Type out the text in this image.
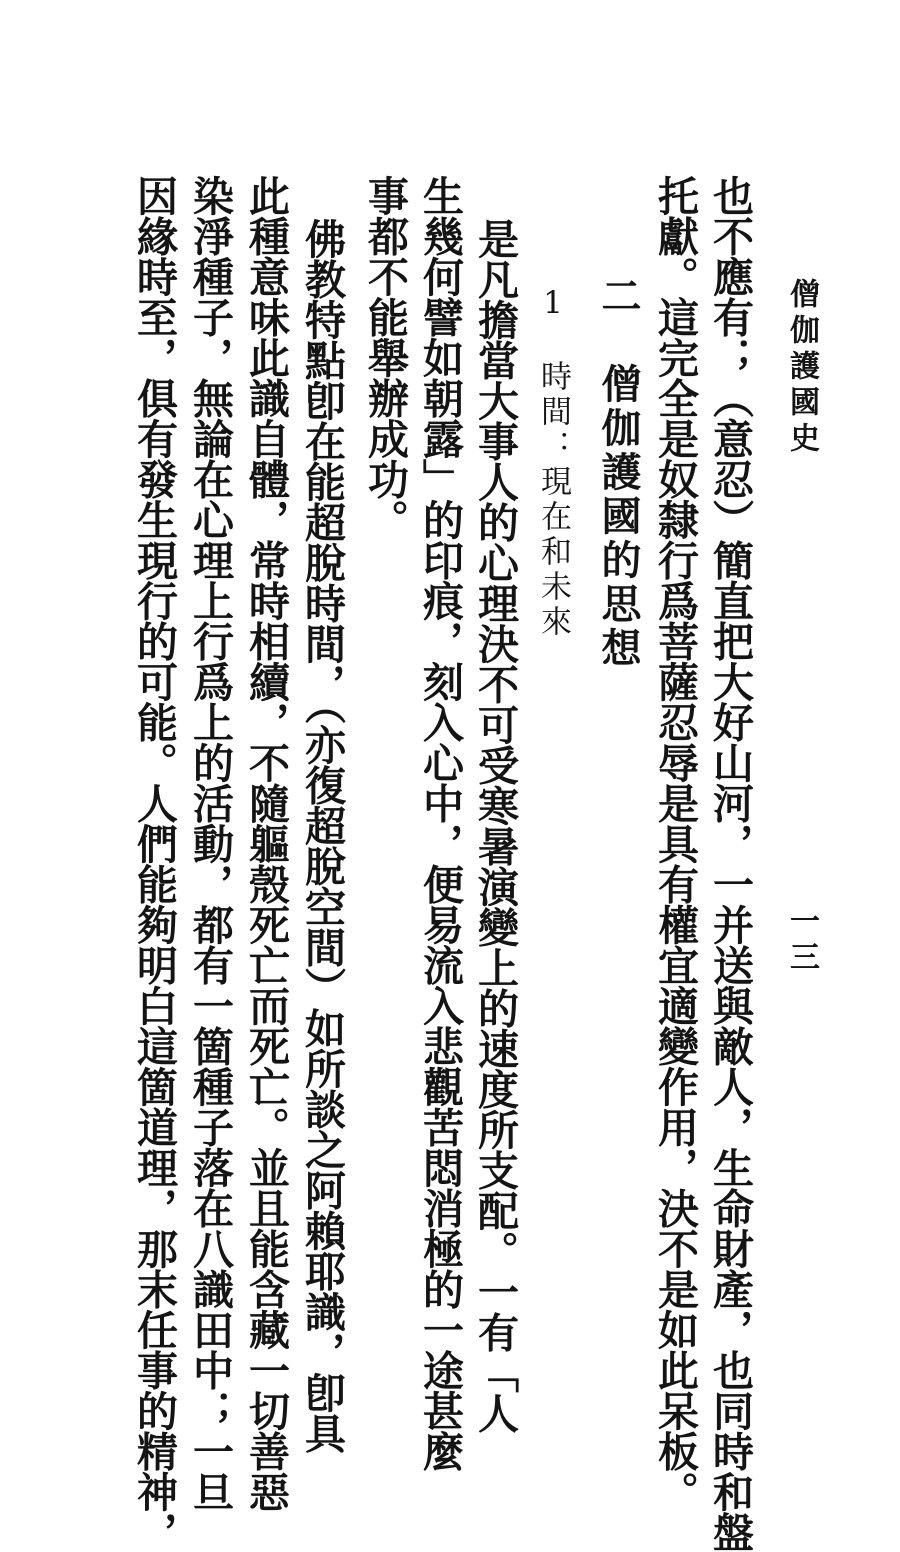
僧伽護國史
一三
也不應有；（意忍）簡直把大好山河，一并送與敵人，生命財產，也同時和盤
托獻。這完全是奴隸行爲菩薩忍辱是具有權宜適變作用，決不是如此呆板。
二　僧伽護國的思想
1　時間：現在和未來
是凡擔當大事人的心理決不可受寒暑演變上的速度所支配。一有「人
生幾何譬如朝露」的印痕，刻入心中，便易流入悲觀苦悶消極的一途甚麼
事都不能舉辦成功。
佛教特點卽在能超脫時間，（亦復超脫空間）如所談之阿賴耶識，卽具
此種意味此識自體，常時相續，不隨軀殼死亡而死亡。並且能含藏一切善惡
染淨種子，無論在心理上行爲上的活動，都有一箇種子落在八識田中；一旦
因緣時至，俱有發生現行的可能。人們能夠明白這箇道理，那末任事的精神，
